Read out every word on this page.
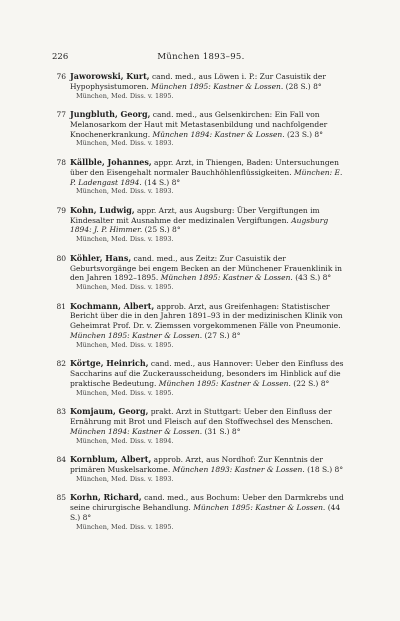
226	München 1893–95.
76 Jaworowski, Kurt, cand. med., aus Löwen i. P.: Zur Casuistik der Hypophysistumoren. München 1895: Kastner & Lossen. (28 S.) 8°
München, Med. Diss. v. 1895.
77 Jungbluth, Georg, cand. med., aus Gelsenkirchen: Ein Fall von Melanosarkom der Haut mit Metastasenbildung und nachfolgender Knochenerkrankung. München 1894: Kastner & Lossen. (23 S.) 8°
München, Med. Diss. v. 1893.
78 Källble, Johannes, appr. Arzt, in Thiengen, Baden: Untersuchungen über den Eisengehalt normaler Bauchhöhlenflüssigkeiten. München: E. P. Ladengast 1894. (14 S.) 8°
München, Med. Diss. v. 1893.
79 Kohn, Ludwig, appr. Arzt, aus Augsburg: Über Vergiftungen im Kindesalter mit Ausnahme der medizinalen Vergiftungen. Augsburg 1894: J. P. Himmer. (25 S.) 8°
München, Med. Diss. v. 1893.
80 Köhler, Hans, cand. med., aus Zeitz: Zur Casuistik der Geburtsvorgänge bei engem Becken an der Münchener Frauenklinik in den Jahren 1892–1895. München 1895: Kastner & Lossen. (43 S.) 8°
München, Med. Diss. v. 1895.
81 Kochmann, Albert, approb. Arzt, aus Greifenhagen: Statistischer Bericht über die in den Jahren 1891–93 in der medizinischen Klinik von Geheimrat Prof. Dr. v. Ziemssen vorgekommenen Fälle von Pneumonie. München 1895: Kastner & Lossen. (27 S.) 8°
München, Med. Diss. v. 1895.
82 Körtge, Heinrich, cand. med., aus Hannover: Ueber den Einfluss des Saccharins auf die Zuckerausscheidung, besonders im Hinblick auf die praktische Bedeutung. München 1895: Kastner & Lossen. (22 S.) 8°
München, Med. Diss. v. 1895.
83 Komjaum, Georg, prakt. Arzt in Stuttgart: Ueber den Einfluss der Ernährung mit Brot und Fleisch auf den Stoffwechsel des Menschen. München 1894: Kastner & Lossen. (31 S.) 8°
München, Med. Diss. v. 1894.
84 Kornblum, Albert, approb. Arzt, aus Nordhof: Zur Kenntnis der primären Muskelsarkome. München 1893: Kastner & Lossen. (18 S.) 8°
München, Med. Diss. v. 1893.
85 Korhn, Richard, cand. med., aus Bochum: Ueber den Darmkrebs und seine chirurgische Behandlung. München 1895: Kastner & Lossen. (44 S.) 8°
München, Med. Diss. v. 1895.
